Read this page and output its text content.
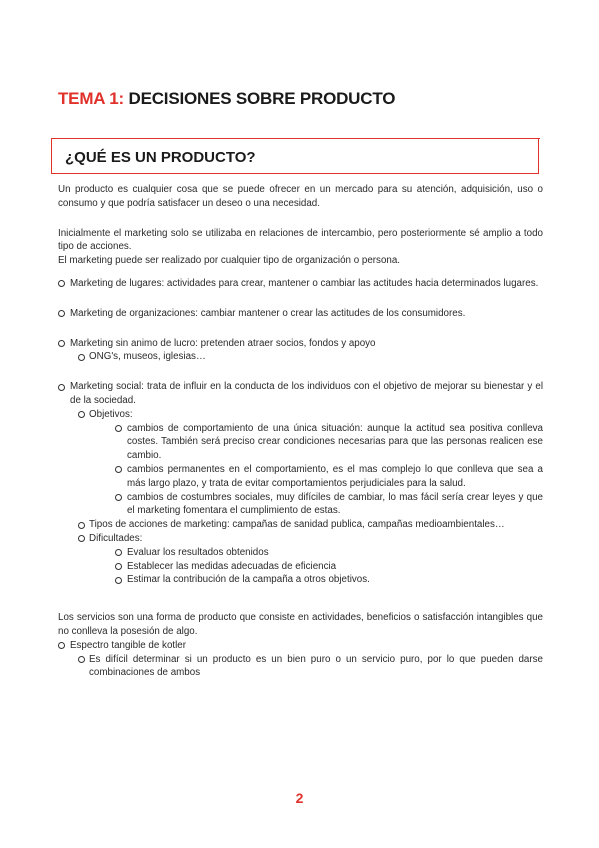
TEMA 1: DECISIONES SOBRE PRODUCTO
¿QUÉ ES UN PRODUCTO?

Un producto es cualquier cosa que se puede ofrecer en un mercado para su atención, adquisición, uso o consumo y que podría satisfacer un deseo o una necesidad.

Inicialmente el marketing solo se utilizaba en relaciones de intercambio, pero posteriormente sé amplio a todo tipo de acciones.

El marketing puede ser realizado por cualquier tipo de organización o persona.

Marketing de lugares: actividades para crear, mantener o cambiar las actitudes hacia determinados lugares.
Marketing de organizaciones: cambiar mantener o crear las actitudes de los consumidores.
Marketing sin animo de lucro: pretenden atraer socios, fondos y apoyo
ONG's, museos, iglesias…
Marketing social: trata de influir en la conducta de los individuos con el objetivo de mejorar su bienestar y el de la sociedad.
Objetivos:
cambios de comportamiento de una única situación: aunque la actitud sea positiva conlleva costes. También será preciso crear condiciones necesarias para que las personas realicen ese cambio.
cambios permanentes en el comportamiento, es el mas complejo lo que conlleva que sea a más largo plazo, y trata de evitar comportamientos perjudiciales para la salud.
cambios de costumbres sociales, muy difíciles de cambiar, lo mas fácil sería crear leyes y que el marketing fomentara el cumplimiento de estas.
Tipos de acciones de marketing: campañas de sanidad publica, campañas medioambientales…
Dificultades:
Evaluar los resultados obtenidos
Establecer las medidas adecuadas de eficiencia
Estimar la contribución de la campaña a otros objetivos.

Los servicios son una forma de producto que consiste en actividades, beneficios o satisfacción intangibles que no conlleva la posesión de algo.

Espectro tangible de kotler
Es difícil determinar si un producto es un bien puro o un servicio puro, por lo que pueden darse combinaciones de ambos
2
